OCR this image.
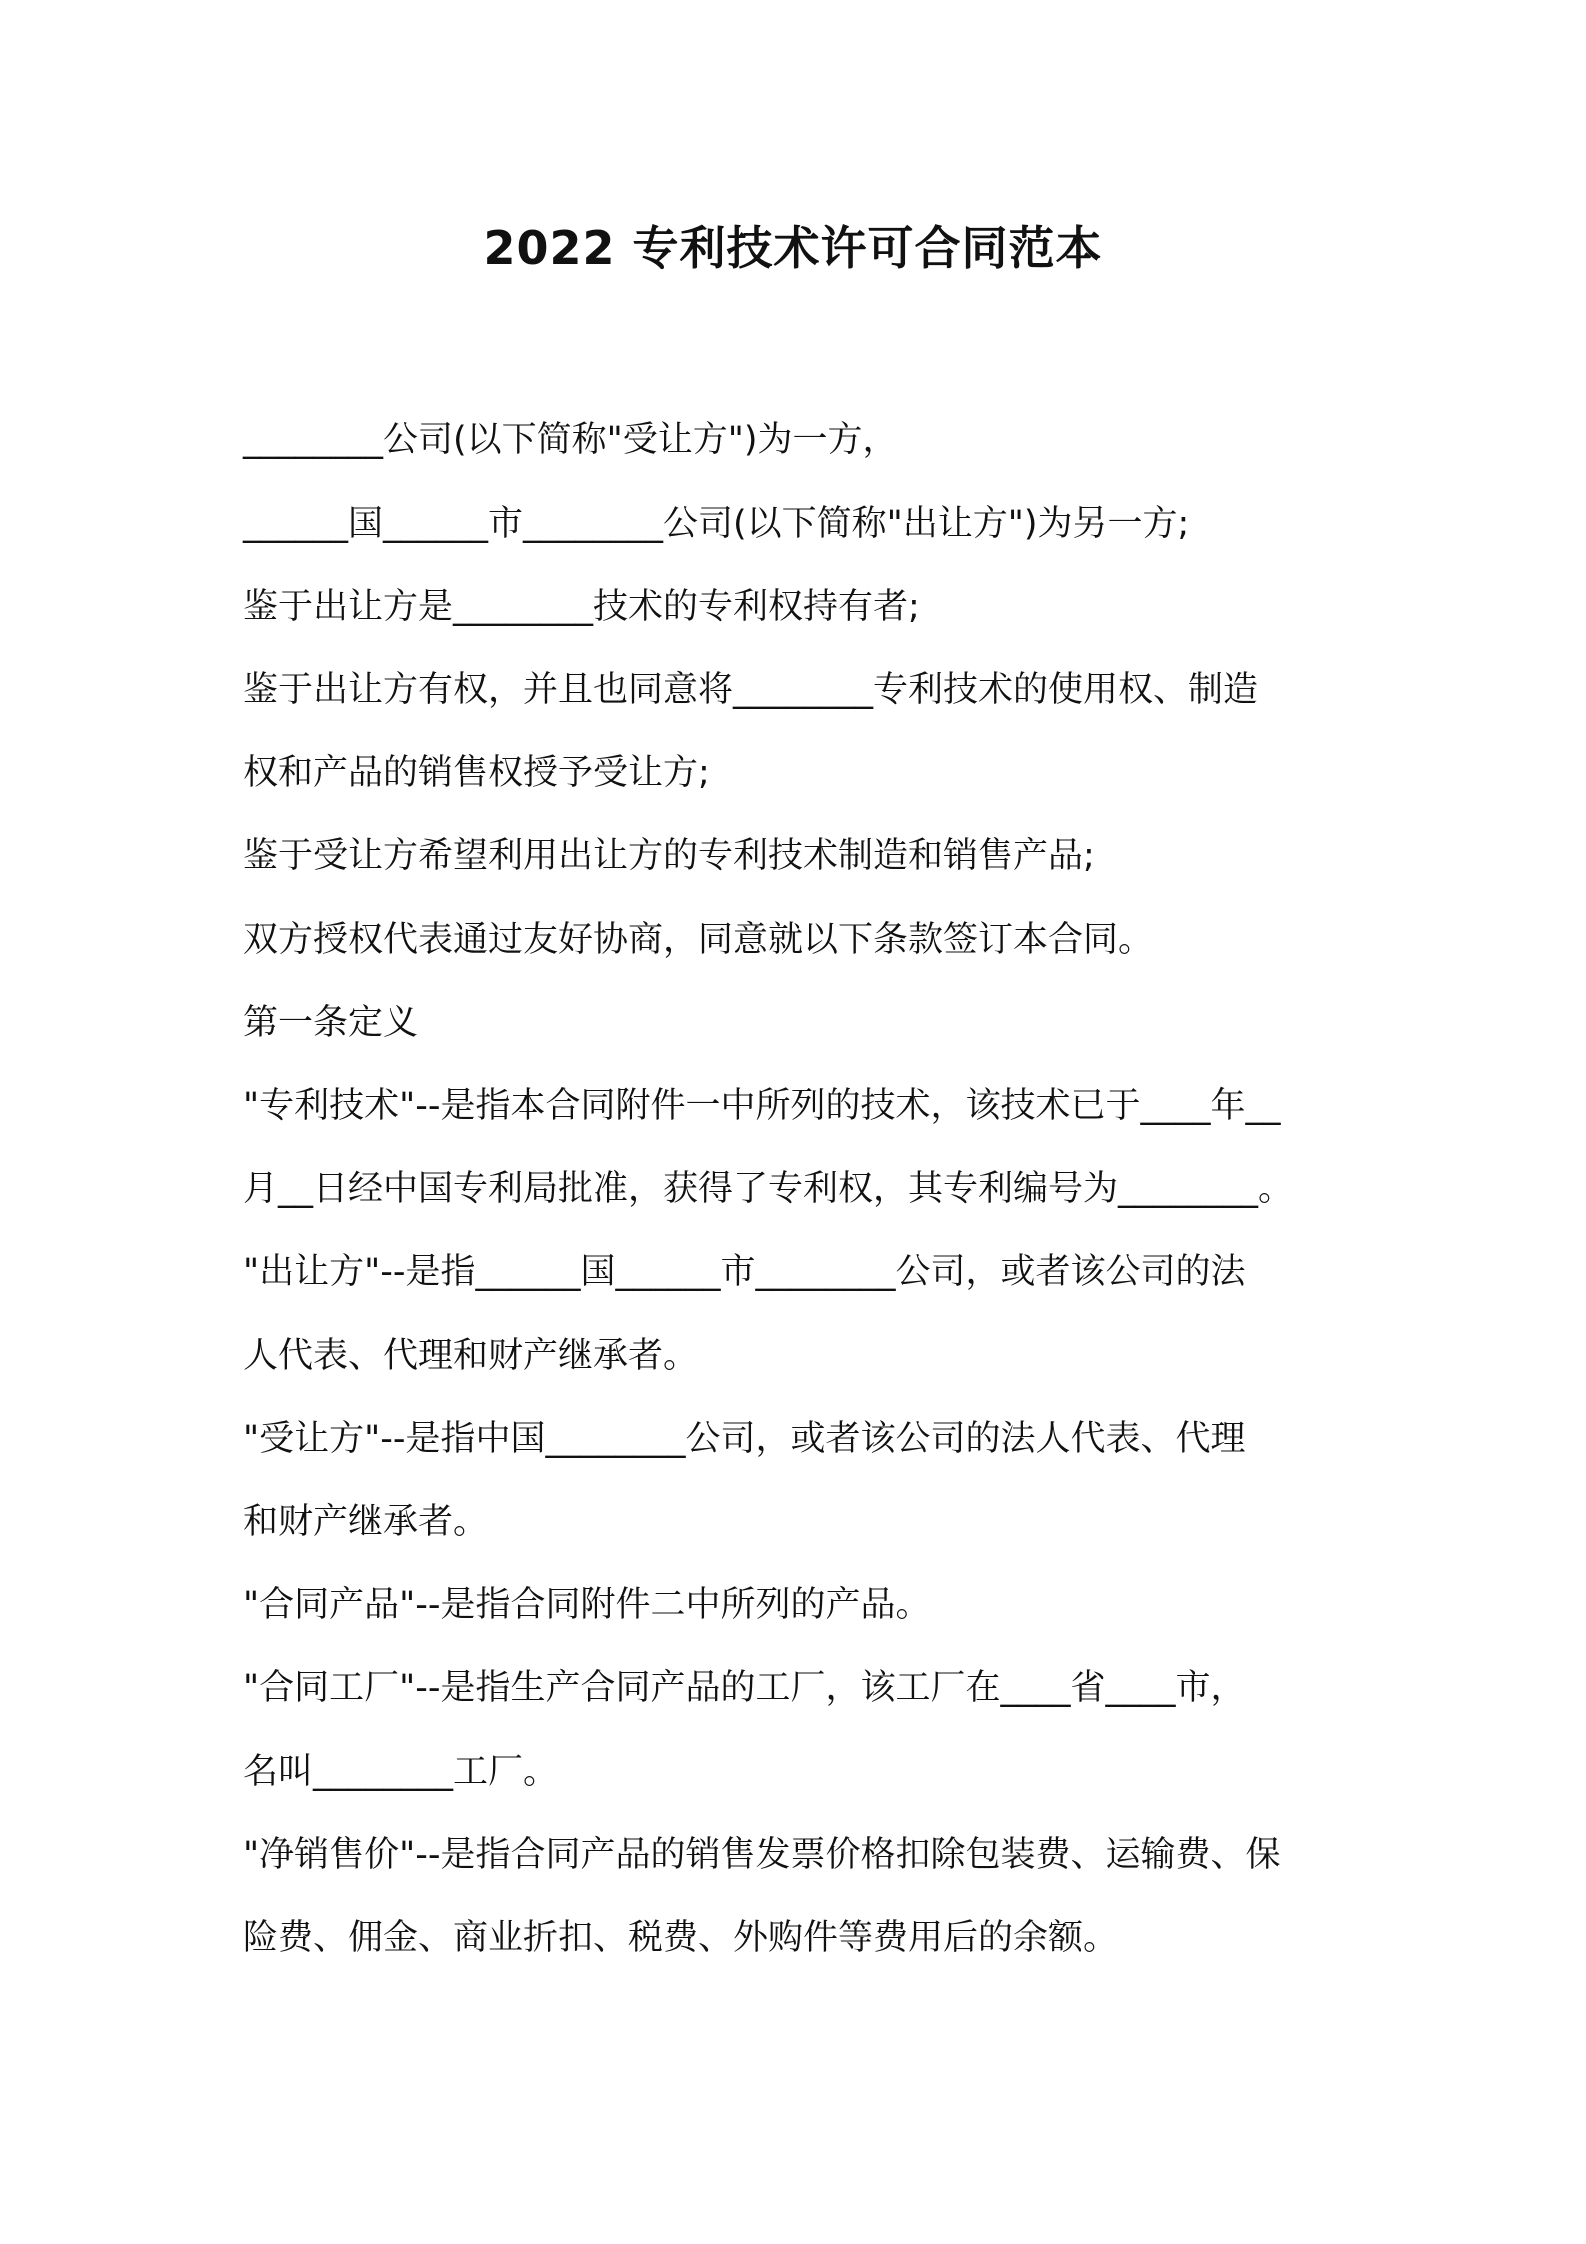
2022 专利技术许可合同范本
________公司(以下简称"受让方")为一方，
______国______市________公司(以下简称"出让方")为另一方;
鉴于出让方是________技术的专利权持有者;
鉴于出让方有权，并且也同意将________专利技术的使用权、制造
权和产品的销售权授予受让方;
鉴于受让方希望利用出让方的专利技术制造和销售产品;
双方授权代表通过友好协商，同意就以下条款签订本合同。
第一条定义
"专利技术"--是指本合同附件一中所列的技术，该技术已于____年__
月__日经中国专利局批准，获得了专利权，其专利编号为________。
"出让方"--是指______国______市________公司，或者该公司的法
人代表、代理和财产继承者。
"受让方"--是指中国________公司，或者该公司的法人代表、代理
和财产继承者。
"合同产品"--是指合同附件二中所列的产品。
"合同工厂"--是指生产合同产品的工厂，该工厂在____省____市，
名叫________工厂。
"净销售价"--是指合同产品的销售发票价格扣除包装费、运输费、保
险费、佣金、商业折扣、税费、外购件等费用后的余额。
